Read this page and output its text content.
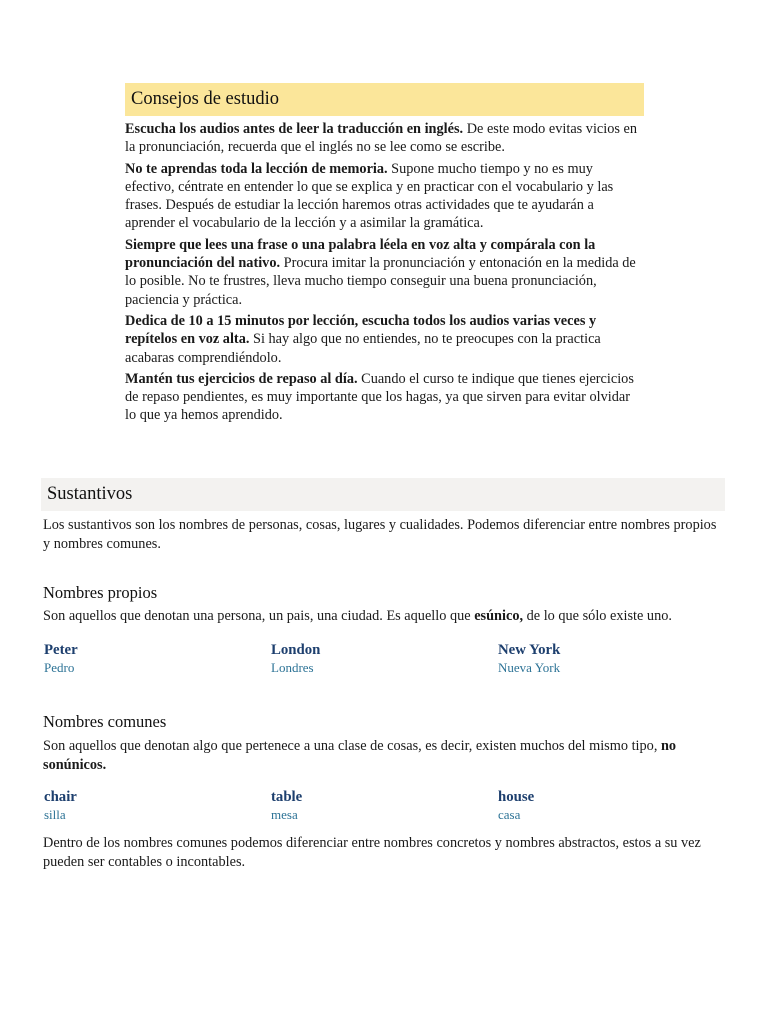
Consejos de estudio

Escucha los audios antes de leer la traducción en inglés. De este modo evitas vicios en la pronunciación, recuerda que el inglés no se lee como se escribe.

No te aprendas toda la lección de memoria. Supone mucho tiempo y no es muy efectivo, céntrate en entender lo que se explica y en practicar con el vocabulario y las frases. Después de estudiar la lección haremos otras actividades que te ayudarán a aprender el vocabulario de la lección y a asimilar la gramática.

Siempre que lees una frase o una palabra léela en voz alta y compárala con la pronunciación del nativo. Procura imitar la pronunciación y entonación en la medida de lo posible. No te frustres, lleva mucho tiempo conseguir una buena pronunciación, paciencia y práctica.

Dedica de 10 a 15 minutos por lección, escucha todos los audios varias veces y repítelos en voz alta. Si hay algo que no entiendes, no te preocupes con la practica acabaras comprendiéndolo.

Mantén tus ejercicios de repaso al día. Cuando el curso te indique que tienes ejercicios de repaso pendientes, es muy importante que los hagas, ya que sirven para evitar olvidar lo que ya hemos aprendido.

Sustantivos

Los sustantivos son los nombres de personas, cosas, lugares y cualidades. Podemos diferenciar entre nombres propios y nombres comunes.

Nombres propios

Son aquellos que denotan una persona, un pais, una ciudad. Es aquello que esúnico, de lo que sólo existe uno.

Peter
Pedro
London
Londres
New York
Nueva York
Nombres comunes

Son aquellos que denotan algo que pertenece a una clase de cosas, es decir, existen muchos del mismo tipo, no sonúnicos.

chair
silla
table
mesa
house
casa

Dentro de los nombres comunes podemos diferenciar entre nombres concretos y nombres abstractos, estos a su vez pueden ser contables o incontables.
